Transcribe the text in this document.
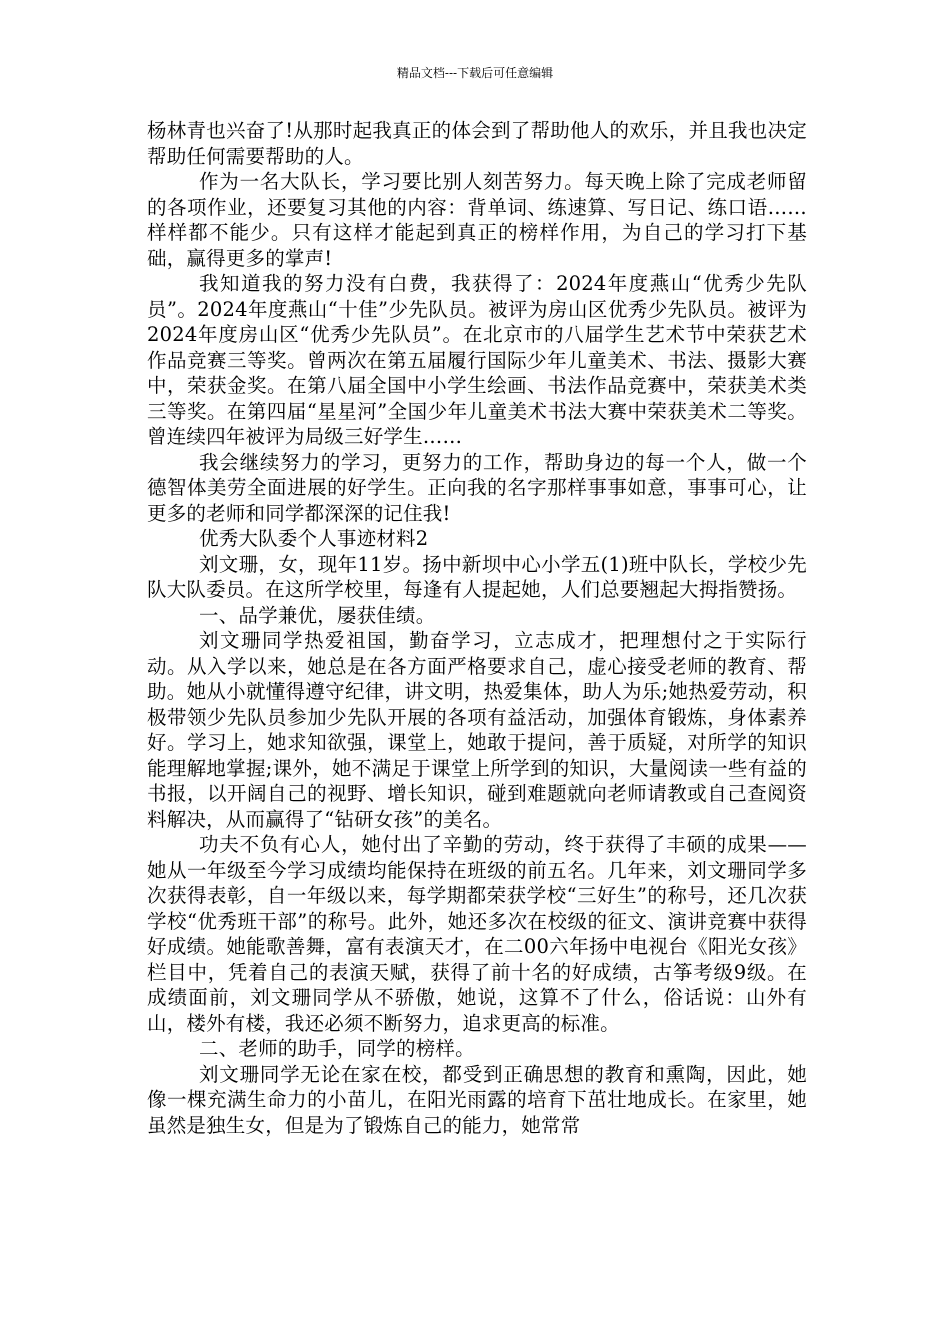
精品文档---下载后可任意编辑

杨林青也兴奋了!从那时起我真正的体会到了帮助他人的欢乐，并且我也决定帮助任何需要帮助的人。

作为一名大队长，学习要比别人刻苦努力。每天晚上除了完成老师留的各项作业，还要复习其他的内容：背单词、练速算、写日记、练口语……样样都不能少。只有这样才能起到真正的榜样作用，为自己的学习打下基础，赢得更多的掌声!

我知道我的努力没有白费，我获得了：2024年度燕山“优秀少先队员”。2024年度燕山“十佳”少先队员。被评为房山区优秀少先队员。被评为2024年度房山区“优秀少先队员”。在北京市的八届学生艺术节中荣获艺术作品竞赛三等奖。曾两次在第五届履行国际少年儿童美术、书法、摄影大赛中，荣获金奖。在第八届全国中小学生绘画、书法作品竞赛中，荣获美术类三等奖。在第四届“星星河”全国少年儿童美术书法大赛中荣获美术二等奖。曾连续四年被评为局级三好学生……

我会继续努力的学习，更努力的工作，帮助身边的每一个人，做一个德智体美劳全面进展的好学生。正向我的名字那样事事如意，事事可心，让更多的老师和同学都深深的记住我!

优秀大队委个人事迹材料2

刘文珊，女，现年11岁。扬中新坝中心小学五(1)班中队长，学校少先队大队委员。在这所学校里，每逢有人提起她，人们总要翘起大拇指赞扬。

一、品学兼优，屡获佳绩。

刘文珊同学热爱祖国，勤奋学习，立志成才，把理想付之于实际行动。从入学以来，她总是在各方面严格要求自己，虚心接受老师的教育、帮助。她从小就懂得遵守纪律，讲文明，热爱集体，助人为乐;她热爱劳动，积极带领少先队员参加少先队开展的各项有益活动，加强体育锻炼，身体素养好。学习上，她求知欲强，课堂上，她敢于提问，善于质疑，对所学的知识能理解地掌握;课外，她不满足于课堂上所学到的知识，大量阅读一些有益的书报，以开阔自己的视野、增长知识，碰到难题就向老师请教或自己查阅资料解决，从而赢得了“钻研女孩”的美名。

功夫不负有心人，她付出了辛勤的劳动，终于获得了丰硕的成果——她从一年级至今学习成绩均能保持在班级的前五名。几年来，刘文珊同学多次获得表彰，自一年级以来，每学期都荣获学校“三好生”的称号，还几次获学校“优秀班干部”的称号。此外，她还多次在校级的征文、演讲竞赛中获得好成绩。她能歌善舞，富有表演天才，在二00六年扬中电视台《阳光女孩》栏目中，凭着自己的表演天赋，获得了前十名的好成绩，古筝考级9级。在成绩面前，刘文珊同学从不骄傲，她说，这算不了什么，俗话说：山外有山，楼外有楼，我还必须不断努力，追求更高的标准。

二、老师的助手，同学的榜样。

刘文珊同学无论在家在校，都受到正确思想的教育和熏陶，因此，她像一棵充满生命力的小苗儿，在阳光雨露的培育下茁壮地成长。在家里，她虽然是独生女，但是为了锻炼自己的能力，她常常
